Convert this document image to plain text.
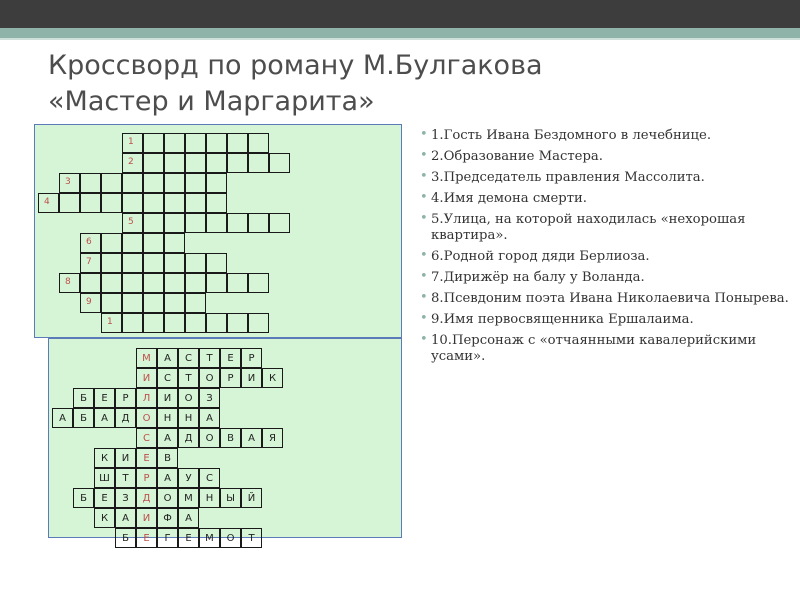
Кроссворд по роману М.Булгакова
«Мастер и Маргарита»
1
2
3
4
5
6
7
8
9
1
М	А	С	Т	Е	Р
И	С	Т	О	Р	И	К
Б	Е	Р	Л	И	О	З
А	Б	А	Д	О	Н	Н	А
С	А	Д	О	В	А	Я
К	И	Е	В
Ш	Т	Р	А	У	С
Б	Е	З	Д	О	М	Н	Ы	Й
К	А	И	Ф	А
Б	Е	Г	Е	М	О	Т
• 1.Гость Ивана Бездомного в лечебнице.
• 2.Образование Мастера.
• 3.Председатель правления Массолита.
• 4.Имя демона смерти.
• 5.Улица, на которой находилась «нехорошая квартира».
• 6.Родной город дяди Берлиоза.
• 7.Дирижёр на балу у Воланда.
• 8.Псевдоним поэта Ивана Николаевича Понырева.
• 9.Имя первосвященника Ершалаима.
• 10.Персонаж с «отчаянными кавалерийскими усами».
